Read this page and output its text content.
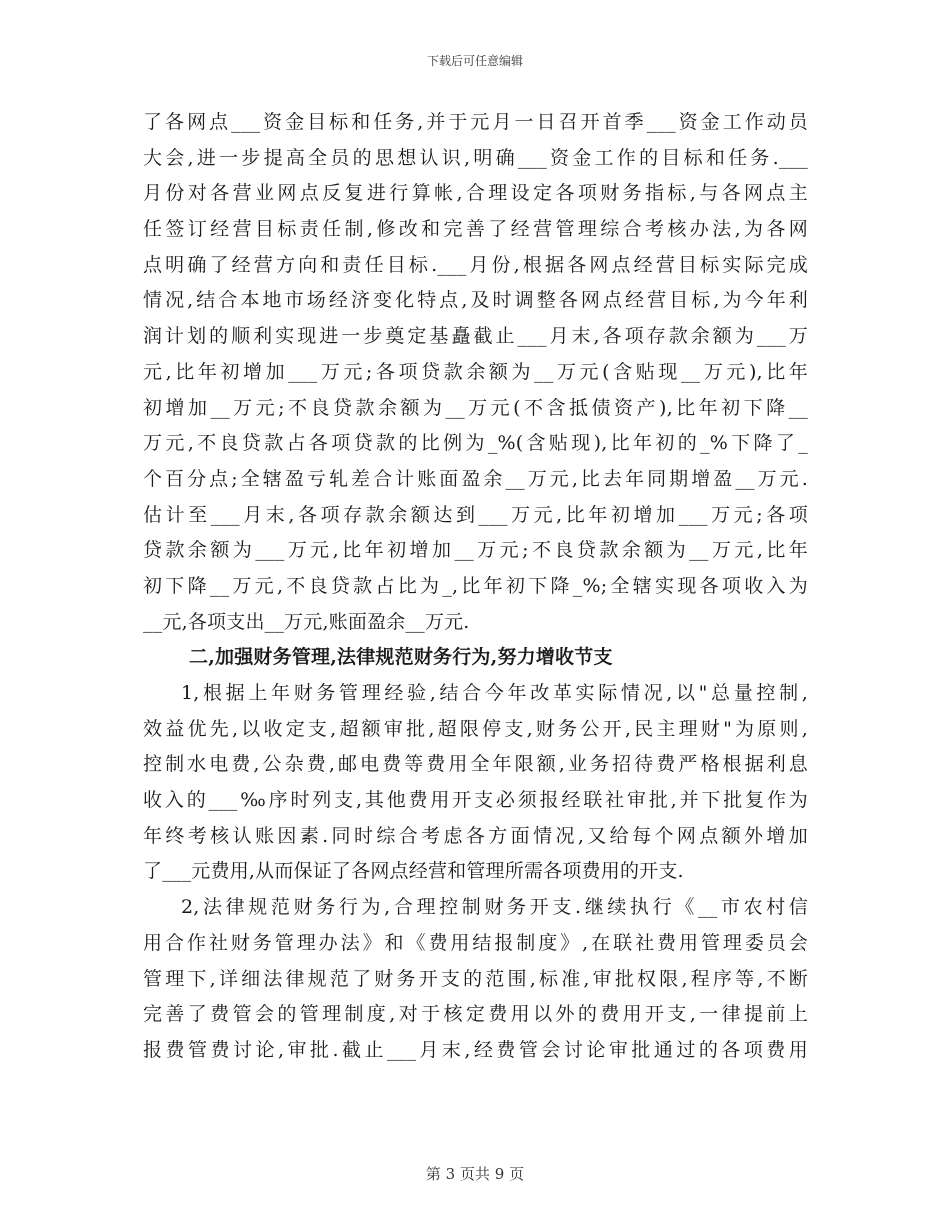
下载后可任意编辑
了各网点___资金目标和任务,并于元月一日召开首季___资金工作动员
大会,进一步提高全员的思想认识,明确___资金工作的目标和任务.___
月份对各营业网点反复进行算帐,合理设定各项财务指标,与各网点主
任签订经营目标责任制,修改和完善了经营管理综合考核办法,为各网
点明确了经营方向和责任目标.___月份,根据各网点经营目标实际完成
情况,结合本地市场经济变化特点,及时调整各网点经营目标,为今年利
润计划的顺利实现进一步奠定基矗截止___月末,各项存款余额为___万
元,比年初增加___万元;各项贷款余额为__万元(含贴现__万元),比年
初增加__万元;不良贷款余额为__万元(不含抵债资产),比年初下降__
万元,不良贷款占各项贷款的比例为_%(含贴现),比年初的_%下降了_
个百分点;全辖盈亏轧差合计账面盈余__万元,比去年同期增盈__万元.
估计至___月末,各项存款余额达到___万元,比年初增加___万元;各项
贷款余额为___万元,比年初增加__万元;不良贷款余额为__万元,比年
初下降__万元,不良贷款占比为_,比年初下降_%;全辖实现各项收入为
__元,各项支出__万元,账面盈余__万元.
二,加强财务管理,法律规范财务行为,努力增收节支
1,根据上年财务管理经验,结合今年改革实际情况,以"总量控制,
效益优先,以收定支,超额审批,超限停支,财务公开,民主理财"为原则,
控制水电费,公杂费,邮电费等费用全年限额,业务招待费严格根据利息
收入的___‰序时列支,其他费用开支必须报经联社审批,并下批复作为
年终考核认账因素.同时综合考虑各方面情况,又给每个网点额外增加
了___元费用,从而保证了各网点经营和管理所需各项费用的开支.
2,法律规范财务行为,合理控制财务开支.继续执行《__市农村信
用合作社财务管理办法》和《费用结报制度》,在联社费用管理委员会
管理下,详细法律规范了财务开支的范围,标准,审批权限,程序等,不断
完善了费管会的管理制度,对于核定费用以外的费用开支,一律提前上
报费管费讨论,审批.截止___月末,经费管会讨论审批通过的各项费用
第 3 页共 9 页
